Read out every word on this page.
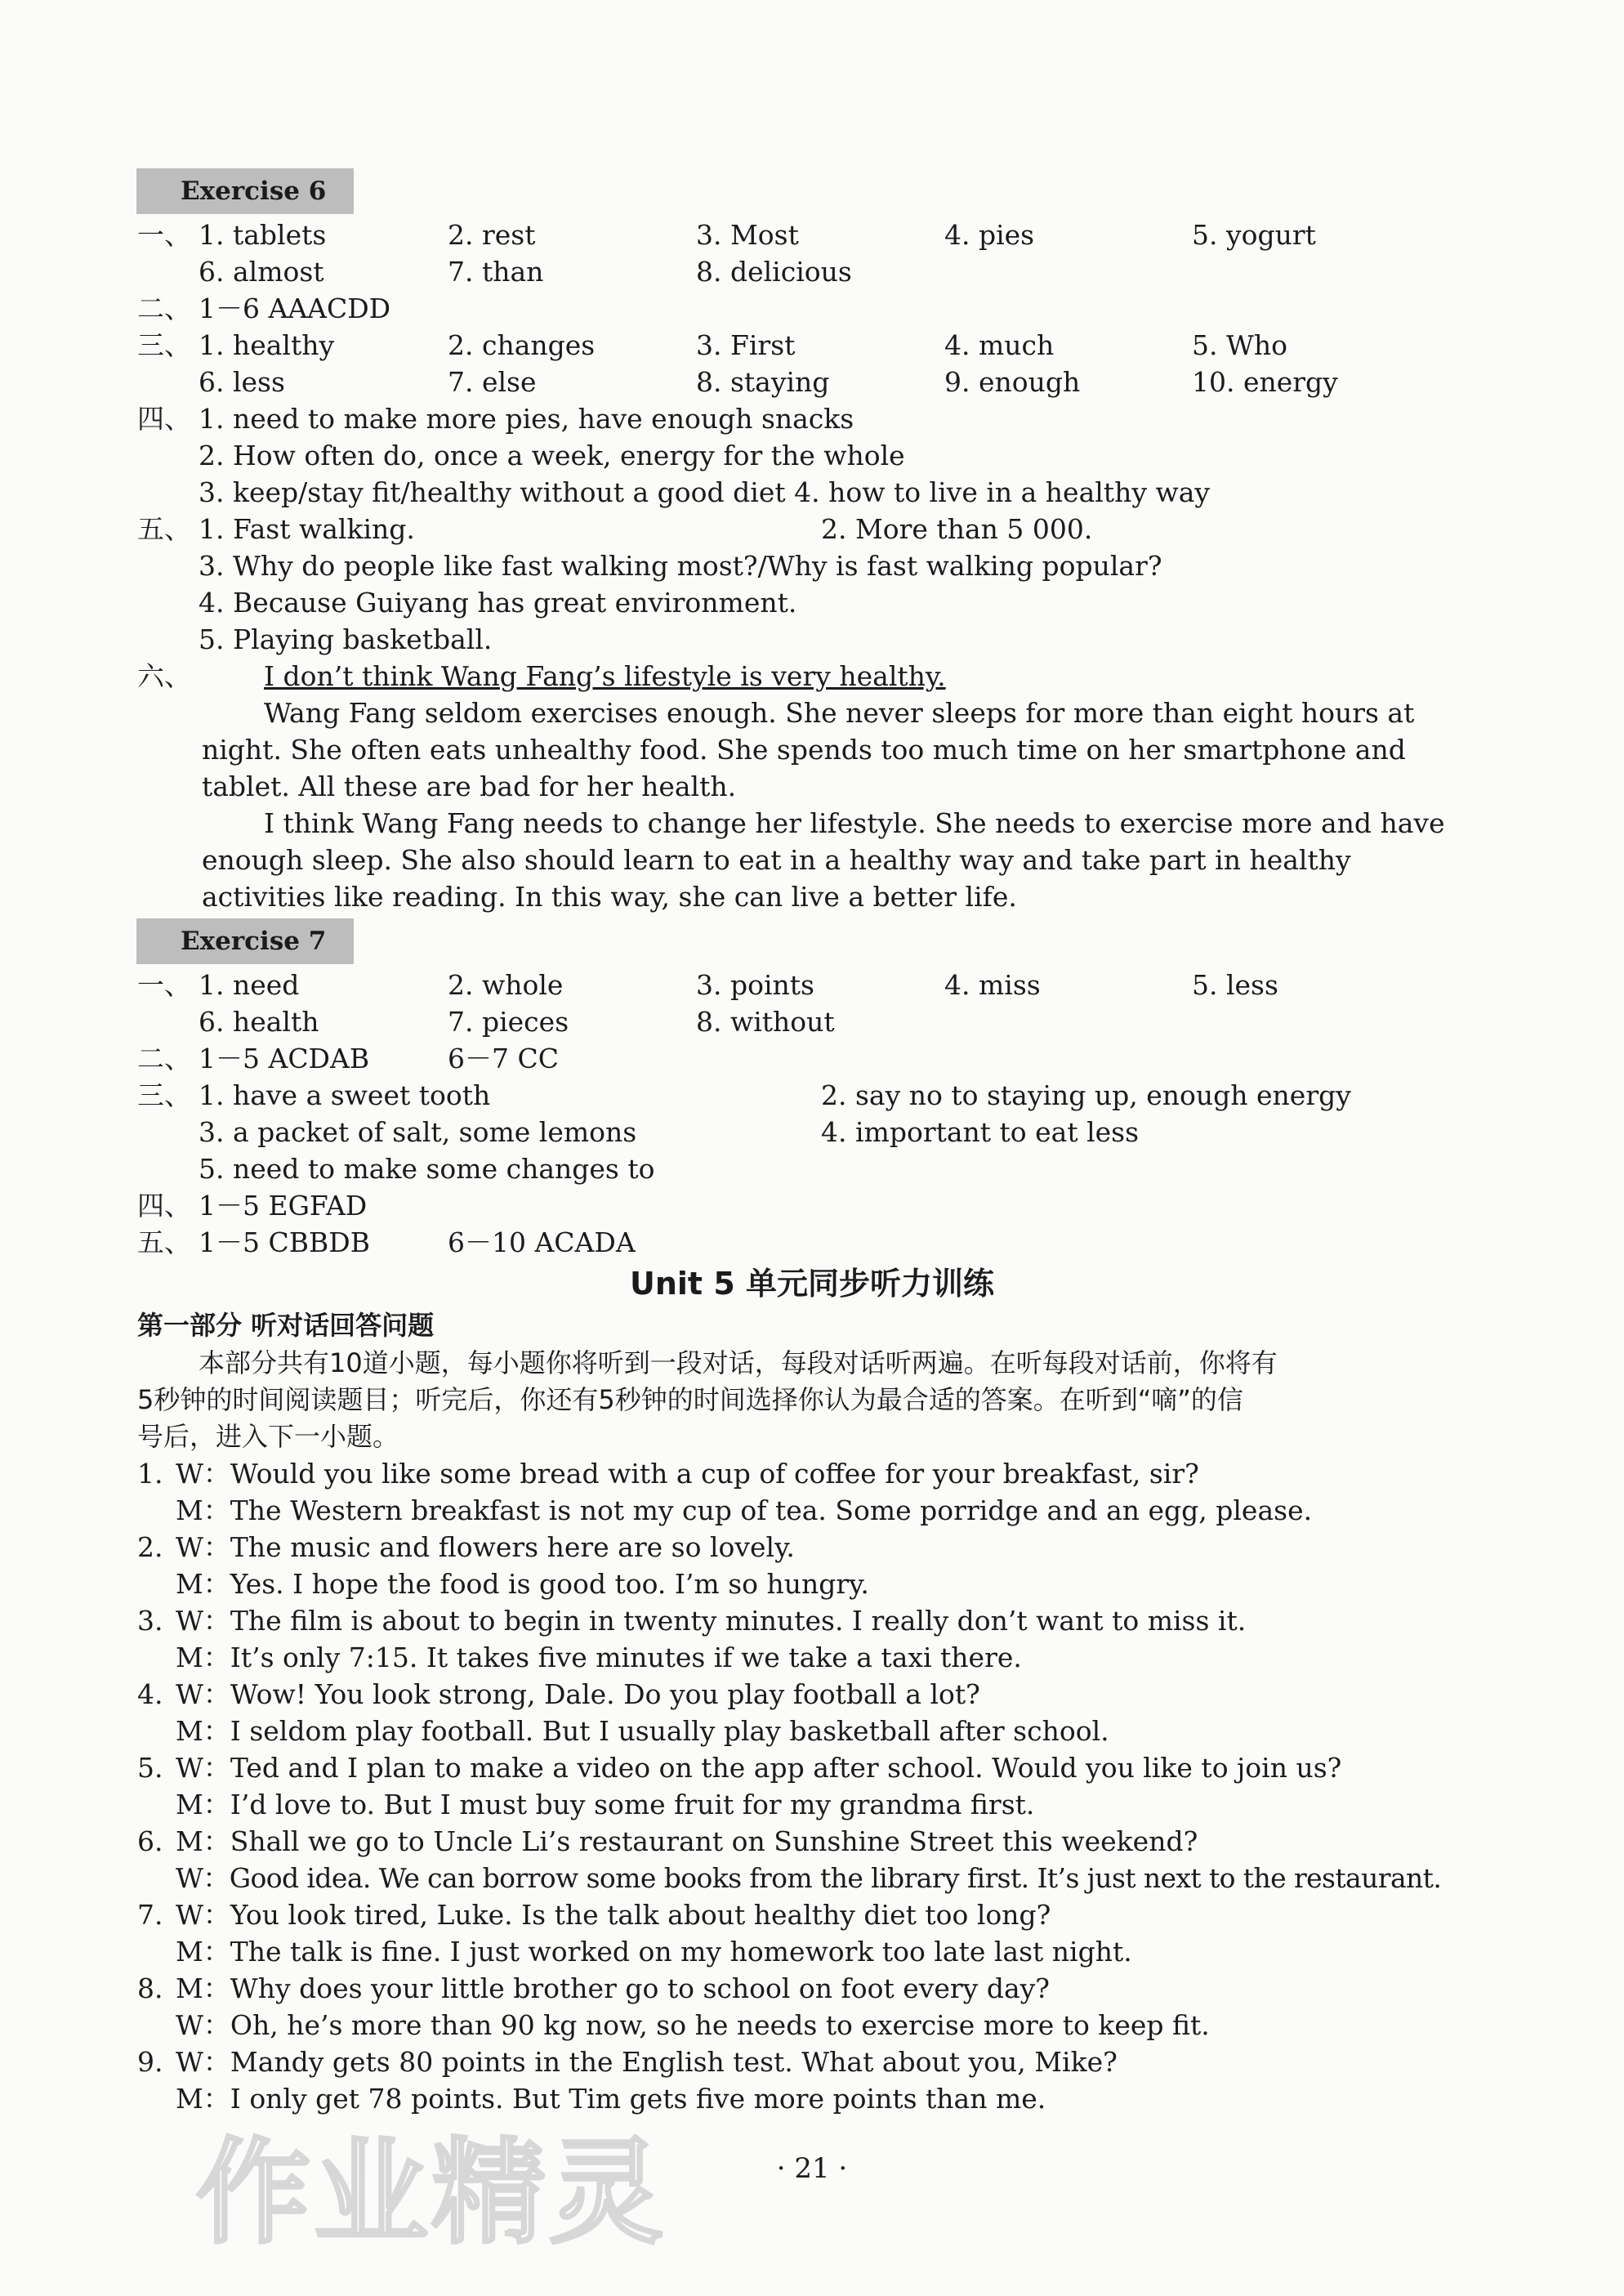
Exercise 6
一、 1. tablets	2. rest	3. Most	4. pies	5. yogurt
6. almost	7. than	8. delicious
二、 1－6 AAACDD
三、 1. healthy	2. changes	3. First	4. much	5. Who
6. less	7. else	8. staying	9. enough	10. energy
四、 1. need to make more pies, have enough snacks
2. How often do, once a week, energy for the whole
3. keep/stay fit/healthy without a good diet 4. how to live in a healthy way
五、 1. Fast walking.	2. More than 5 000.
3. Why do people like fast walking most?/Why is fast walking popular?
4. Because Guiyang has great environment.
5. Playing basketball.
六、	I don’t think Wang Fang’s lifestyle is very healthy.
Wang Fang seldom exercises enough. She never sleeps for more than eight hours at
night. She often eats unhealthy food. She spends too much time on her smartphone and
tablet. All these are bad for her health.
I think Wang Fang needs to change her lifestyle. She needs to exercise more and have
enough sleep. She also should learn to eat in a healthy way and take part in healthy
activities like reading. In this way, she can live a better life.
Exercise 7
一、 1. need	2. whole	3. points	4. miss	5. less
6. health	7. pieces	8. without
二、 1－5 ACDAB	6－7 CC
三、 1. have a sweet tooth	2. say no to staying up, enough energy
3. a packet of salt, some lemons	4. important to eat less
5. need to make some changes to
四、 1－5 EGFAD
五、 1－5 CBBDB	6－10 ACADA
Unit 5 单元同步听力训练
第一部分 听对话回答问题
本部分共有10道小题，每小题你将听到一段对话，每段对话听两遍。在听每段对话前，你将有
5秒钟的时间阅读题目；听完后，你还有5秒钟的时间选择你认为最合适的答案。在听到“嘀”的信
号后，进入下一小题。
1. W：Would you like some bread with a cup of coffee for your breakfast, sir?
M：The Western breakfast is not my cup of tea. Some porridge and an egg, please.
2. W：The music and flowers here are so lovely.
M：Yes. I hope the food is good too. I’m so hungry.
3. W：The film is about to begin in twenty minutes. I really don’t want to miss it.
M：It’s only 7:15. It takes five minutes if we take a taxi there.
4. W：Wow! You look strong, Dale. Do you play football a lot?
M：I seldom play football. But I usually play basketball after school.
5. W：Ted and I plan to make a video on the app after school. Would you like to join us?
M：I’d love to. But I must buy some fruit for my grandma first.
6. M：Shall we go to Uncle Li’s restaurant on Sunshine Street this weekend?
W：Good idea. We can borrow some books from the library first. It’s just next to the restaurant.
7. W：You look tired, Luke. Is the talk about healthy diet too long?
M：The talk is fine. I just worked on my homework too late last night.
8. M：Why does your little brother go to school on foot every day?
W：Oh, he’s more than 90 kg now, so he needs to exercise more to keep fit.
9. W：Mandy gets 80 points in the English test. What about you, Mike?
M：I only get 78 points. But Tim gets five more points than me.
· 21 ·
作业精灵
